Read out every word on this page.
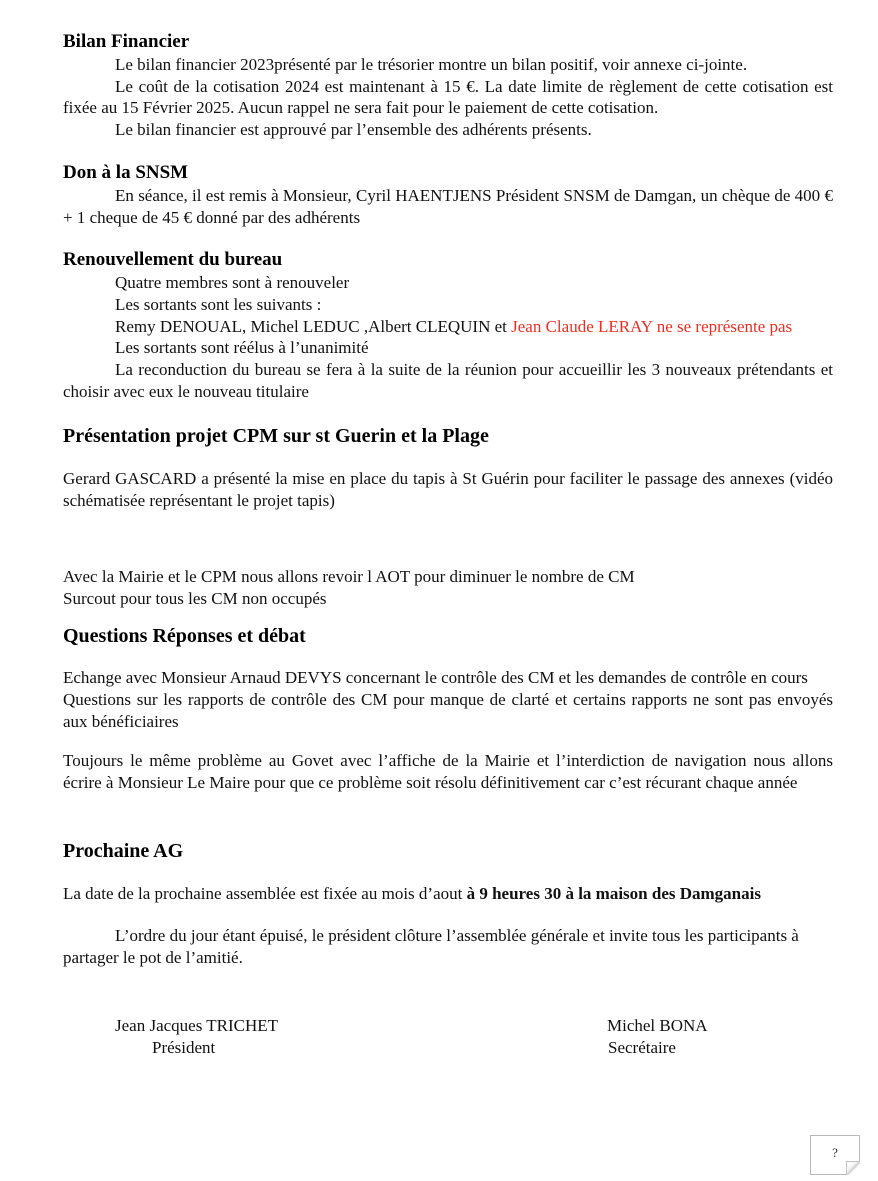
Bilan Financier

Le bilan financier 2023présenté par le trésorier montre un bilan positif, voir annexe ci-jointe.

Le coût de la cotisation 2024 est maintenant à 15 €. La date limite de règlement de cette cotisation est fixée au 15 Février 2025. Aucun rappel ne sera fait pour le paiement de cette cotisation.

Le bilan financier est approuvé par l’ensemble des adhérents présents.

Don à la SNSM

En séance, il est remis à Monsieur, Cyril HAENTJENS Président SNSM de Damgan, un chèque de 400 € + 1 cheque de 45 € donné par des adhérents

Renouvellement du bureau

Quatre membres sont à renouveler

Les sortants sont les suivants :

Remy DENOUAL, Michel LEDUC ,Albert CLEQUIN et Jean Claude LERAY ne se représente pas

Les sortants sont réélus à l’unanimité

La reconduction du bureau se fera à la suite de la réunion pour accueillir les 3 nouveaux prétendants et choisir avec eux le nouveau titulaire

Présentation projet CPM sur st Guerin et la Plage

Gerard GASCARD a présenté la mise en place du tapis à St Guérin pour faciliter le passage des annexes (vidéo schématisée représentant le projet tapis)

Avec la Mairie et le CPM nous allons revoir l AOT pour diminuer le nombre de CM

Surcout pour tous les CM non occupés

Questions Réponses et débat

Echange avec Monsieur Arnaud DEVYS concernant le contrôle des CM et les demandes de contrôle en cours

Questions sur les rapports de contrôle des CM pour manque de clarté et certains rapports ne sont pas envoyés aux bénéficiaires

Toujours le même problème au Govet avec l’affiche de la Mairie et l’interdiction de navigation nous allons écrire à Monsieur Le Maire pour que ce problème soit résolu définitivement car c’est récurant chaque année

Prochaine AG

La date de la prochaine assemblée est fixée au mois d’aout à 9 heures 30 à la maison des Damganais

L’ordre du jour étant épuisé, le président clôture l’assemblée générale et invite tous les participants à partager le pot de l’amitié.

Jean Jacques TRICHET
Président
Michel BONA
Secrétaire
?
